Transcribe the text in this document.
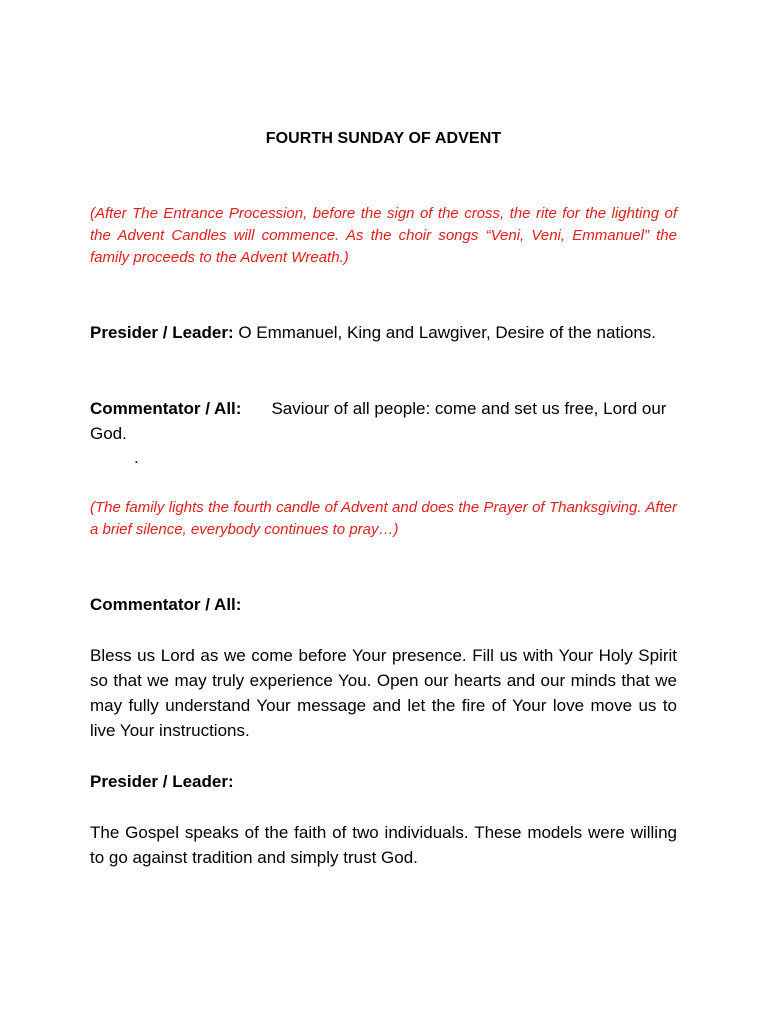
FOURTH SUNDAY OF ADVENT
(After The Entrance Procession, before the sign of the cross, the rite for the lighting of the Advent Candles will commence. As the choir songs “Veni, Veni, Emmanuel” the family proceeds to the Advent Wreath.)
Presider / Leader: O Emmanuel, King and Lawgiver, Desire of the nations.
Commentator / All: Saviour of all people: come and set us free, Lord our God.
.
(The family lights the fourth candle of Advent and does the Prayer of Thanksgiving. After a brief silence, everybody continues to pray…)
Commentator / All:
Bless us Lord as we come before Your presence. Fill us with Your Holy Spirit so that we may truly experience You. Open our hearts and our minds that we may fully understand Your message and let the fire of Your love move us to live Your instructions.
Presider / Leader:
The Gospel speaks of the faith of two individuals. These models were willing to go against tradition and simply trust God.
